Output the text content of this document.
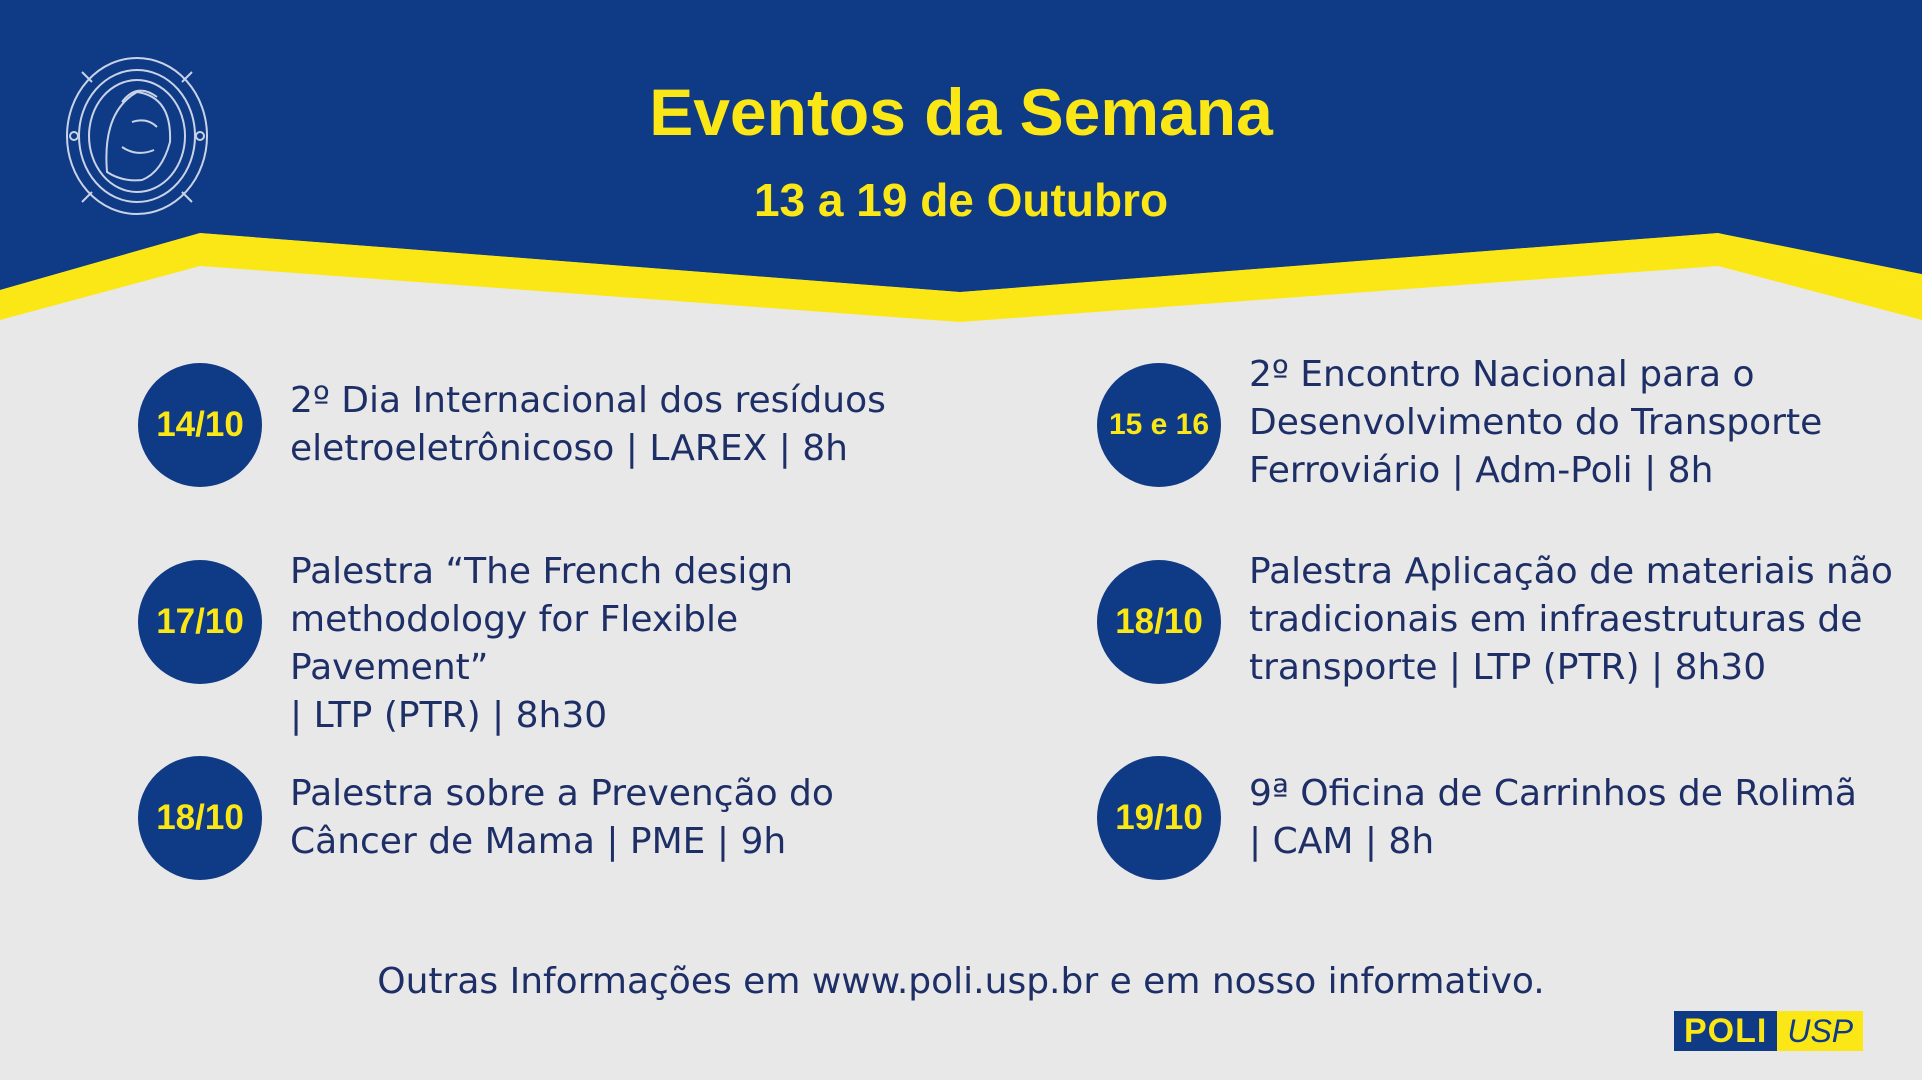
Eventos da Semana
13 a 19 de Outubro
14/10
2º Dia Internacional dos resíduos
eletroeletrônicoso | LAREX | 8h
15 e 16
2º Encontro Nacional para o
Desenvolvimento do Transporte
Ferroviário | Adm-Poli | 8h
17/10
Palestra “The French design
methodology for Flexible Pavement”
| LTP (PTR) | 8h30
18/10
Palestra Aplicação de materiais não
tradicionais em infraestruturas de
transporte | LTP (PTR) | 8h30
18/10
Palestra sobre a Prevenção do
Câncer de Mama | PME | 9h
19/10
9ª Oficina de Carrinhos de Rolimã
| CAM | 8h
Outras Informações em www.poli.usp.br e em nosso informativo.
POLI USP
